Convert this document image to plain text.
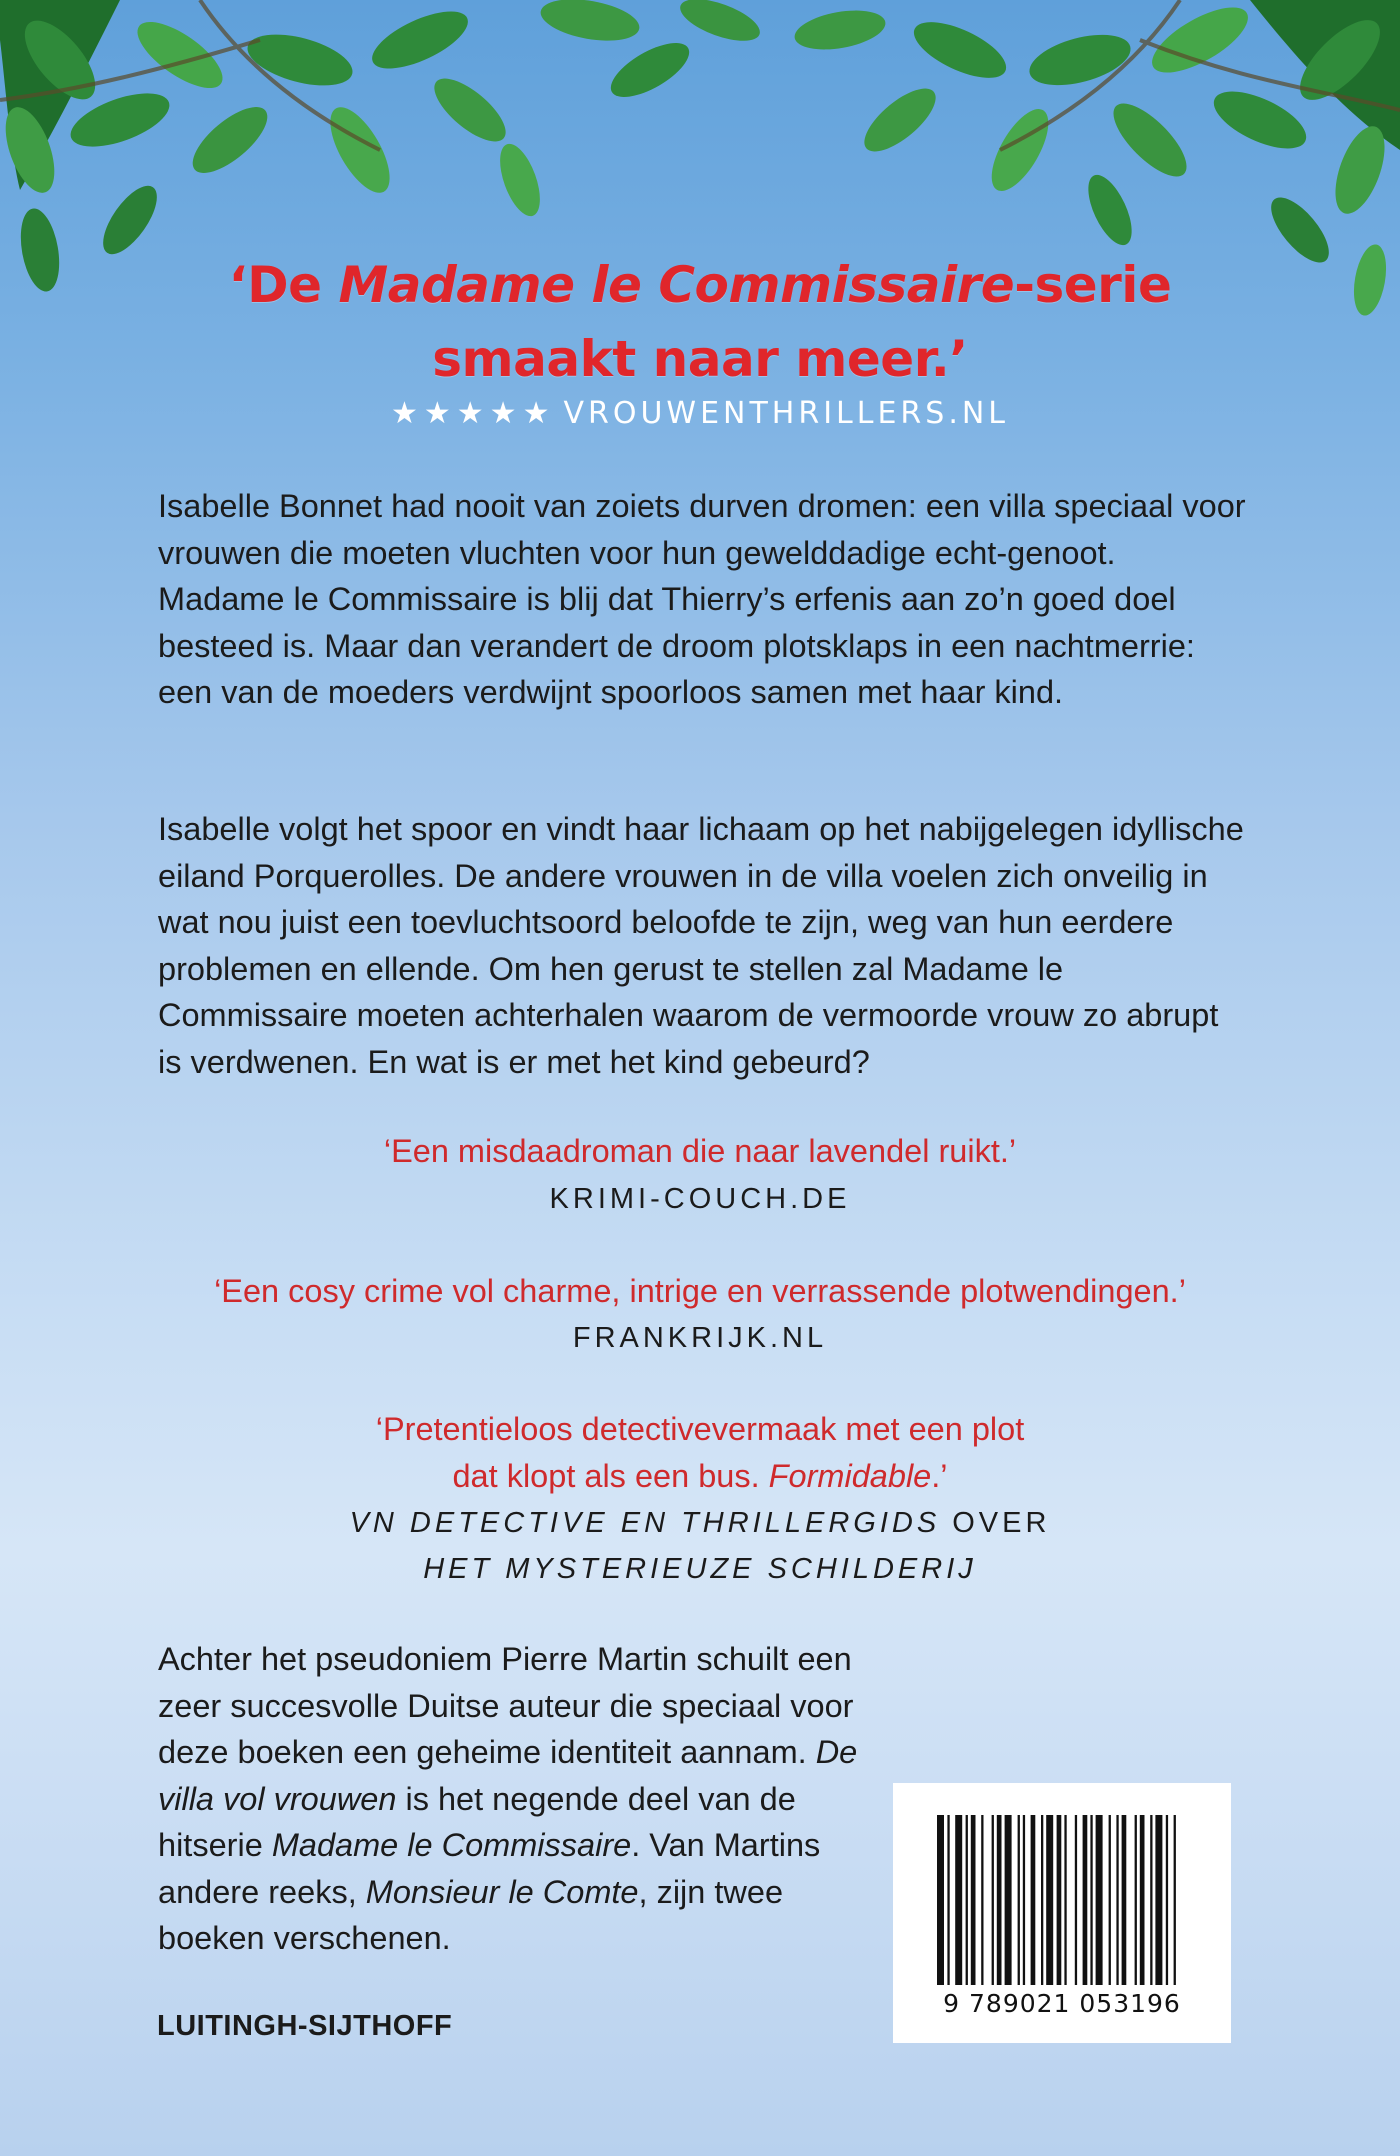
‘De Madame le Commissaire-serie
smaakt naar meer.’
★★★★★ VROUWENTHRILLERS.NL
Isabelle Bonnet had nooit van zoiets durven dromen: een villa speciaal voor vrouwen die moeten vluchten voor hun gewelddadige echt-genoot. Madame le Commissaire is blij dat Thierry’s erfenis aan zo’n goed doel besteed is. Maar dan verandert de droom plotsklaps in een nachtmerrie: een van de moeders verdwijnt spoorloos samen met haar kind.
Isabelle volgt het spoor en vindt haar lichaam op het nabijgelegen idyllische eiland Porquerolles. De andere vrouwen in de villa voelen zich onveilig in wat nou juist een toevluchtsoord beloofde te zijn, weg van hun eerdere problemen en ellende. Om hen gerust te stellen zal Madame le Commissaire moeten achterhalen waarom de vermoorde vrouw zo abrupt is verdwenen. En wat is er met het kind gebeurd?
‘Een misdaadroman die naar lavendel ruikt.’
KRIMI-COUCH.DE
‘Een cosy crime vol charme, intrige en verrassende plotwendingen.’
FRANKRIJK.NL
‘Pretentieloos detectivevermaak met een plot
dat klopt als een bus. Formidable.’
VN DETECTIVE EN THRILLERGIDS OVER
HET MYSTERIEUZE SCHILDERIJ
Achter het pseudoniem Pierre Martin schuilt een zeer succesvolle Duitse auteur die speciaal voor deze boeken een geheime identiteit aannam. De villa vol vrouwen is het negende deel van de hitserie Madame le Commissaire. Van Martins andere reeks, Monsieur le Comte, zijn twee boeken verschenen.
LUITINGH-SIJTHOFF
9 789021 053196
